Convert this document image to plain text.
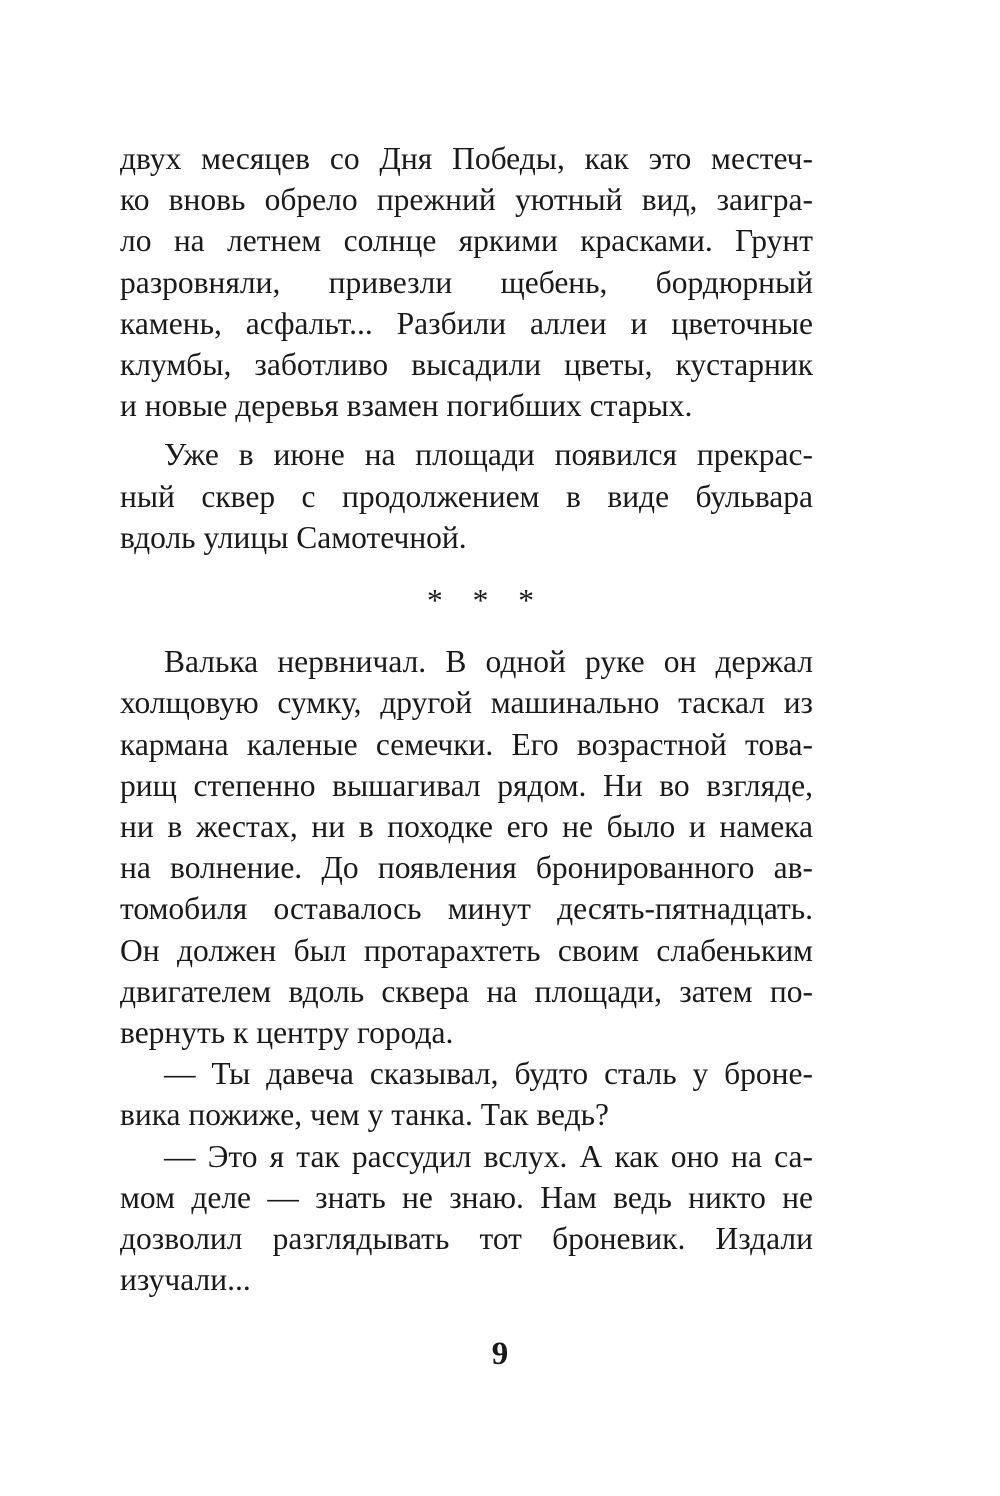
двух месяцев со Дня Победы, как это местеч-
ко вновь обрело прежний уютный вид, заигра-
ло на летнем солнце яркими красками. Грунт
разровняли, привезли щебень, бордюрный
камень, асфальт... Разбили аллеи и цветочные
клумбы, заботливо высадили цветы, кустарник
и новые деревья взамен погибших старых.
Уже в июне на площади появился прекрас-
ный сквер с продолжением в виде бульвара
вдоль улицы Самотечной.
* * *
Валька нервничал. В одной руке он держал
холщовую сумку, другой машинально таскал из
кармана каленые семечки. Его возрастной това-
рищ степенно вышагивал рядом. Ни во взгляде,
ни в жестах, ни в походке его не было и намека
на волнение. До появления бронированного ав-
томобиля оставалось минут десять-пятнадцать.
Он должен был протарахтеть своим слабеньким
двигателем вдоль сквера на площади, затем по-
вернуть к центру города.
— Ты давеча сказывал, будто сталь у броне-
вика пожиже, чем у танка. Так ведь?
— Это я так рассудил вслух. А как оно на са-
мом деле — знать не знаю. Нам ведь никто не
дозволил разглядывать тот броневик. Издали
изучали...
9
